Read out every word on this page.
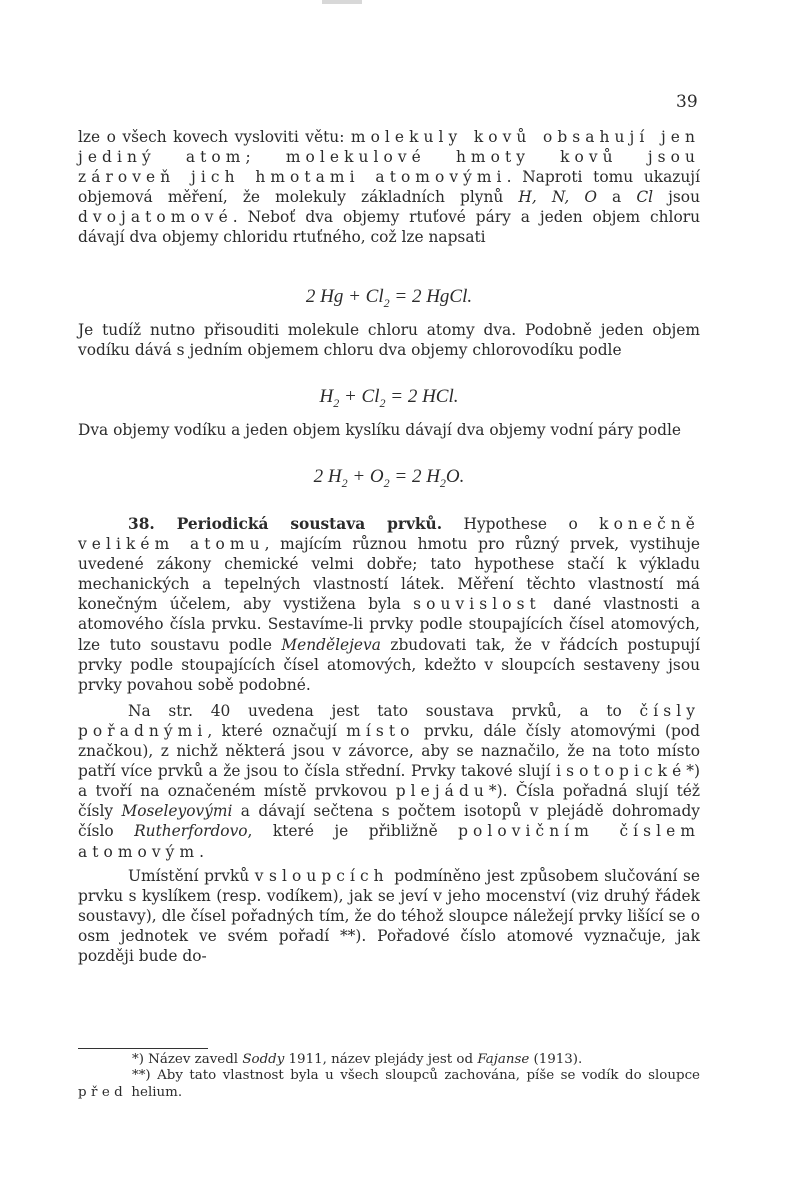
39

lze o všech kovech vysloviti větu: molekuly kovů obsahují jen jediný atom; molekulové hmoty kovů jsou zároveň jich hmotami atomovými. Naproti tomu ukazují objemová měření, že molekuly základních plynů H, N, O a Cl jsou dvojatomové. Neboť dva objemy rtuťové páry a jeden objem chloru dávají dva objemy chloridu rtuťného, což lze napsati

2 $Hg + Cl_2 = 2$ HgCl.

Je tudíž nutno přisouditi molekule chloru atomy dva. Podobně jeden objem vodíku dává s jedním objemem chloru dva objemy chlorovodíku podle

$H_2 + Cl_2 = 2$ HCl.

Dva objemy vodíku a jeden objem kyslíku dávají dva objemy vodní páry podle

2 $H_2 + O_2 = 2$ $H_2O$.

38. Periodická soustava prvků. Hypothese o konečně velikém atomu, majícím různou hmotu pro různý prvek, vystihuje uvedené zákony chemické velmi dobře; tato hypothese stačí k výkladu mechanických a tepelných vlastností látek. Měření těchto vlastností má konečným účelem, aby vystižena byla souvislost dané vlastnosti a atomového čísla prvku. Sestavíme-li prvky podle stoupajících čísel atomových, lze tuto soustavu podle Mendělejeva zbudovati tak, že v řádcích postupují prvky podle stoupajících čísel atomových, kdežto v sloupcích sestaveny jsou prvky povahou sobě podobné.

Na str. 40 uvedena jest tato soustava prvků, a to čísly pořadnými, které označují místo prvku, dále čísly atomovými (pod značkou), z nichž některá jsou v závorce, aby se naznačilo, že na toto místo patří více prvků a že jsou to čísla střední. Prvky takové slují isotopické*) a tvoří na označeném místě prvkovou plejádu*). Čísla pořadná slují též čísly Moseleyovými a dávají sečtena s počtem isotopů v plejádě dohromady číslo Rutherfordovo, které je přibližně polovičním číslem atomovým.

Umístění prvků v sloupcích podmíněno jest způsobem slučování se prvku s kyslíkem (resp. vodíkem), jak se jeví v jeho mocenství (viz druhý řádek soustavy), dle čísel pořadných tím, že do téhož sloupce náležejí prvky lišící se o osm jednotek ve svém pořadí **). Pořadové číslo atomové vyznačuje, jak později bude do-

*) Název zavedl Soddy 1911, název plejády jest od Fajanse (1913).

**) Aby tato vlastnost byla u všech sloupců zachována, píše se vodík do sloupce před helium.
